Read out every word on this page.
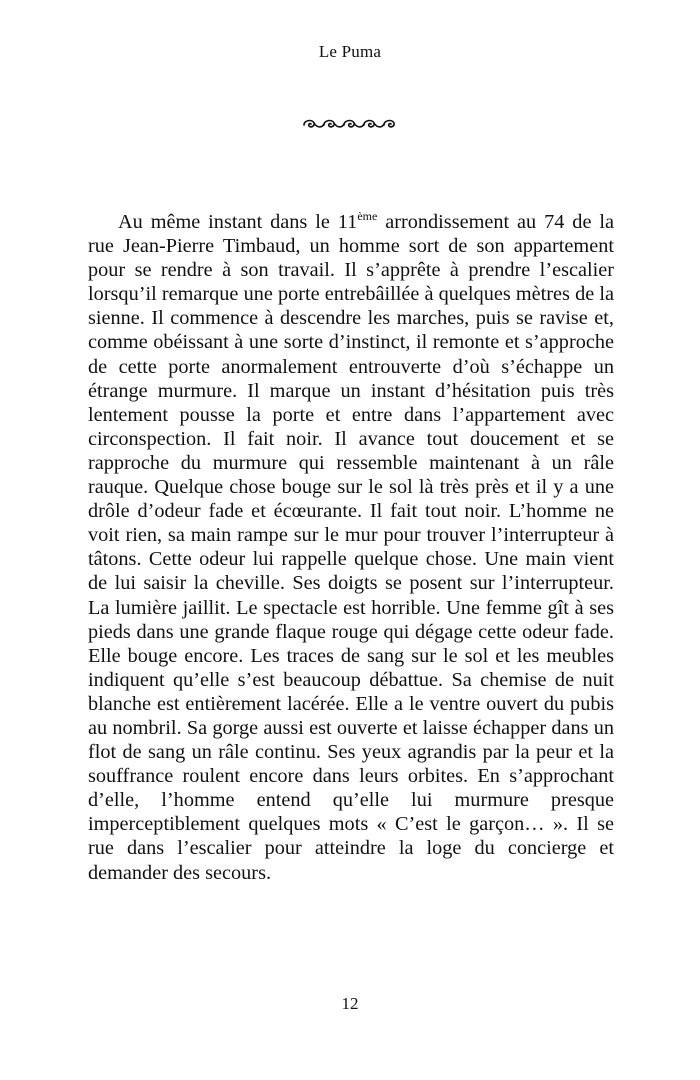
Le Puma

Au même instant dans le 11ème arrondissement au 74 de la rue Jean-Pierre Timbaud, un homme sort de son appartement pour se rendre à son travail. Il s’apprête à prendre l’escalier lorsqu’il remarque une porte entrebâillée à quelques mètres de la sienne. Il commence à descendre les marches, puis se ravise et, comme obéissant à une sorte d’instinct, il remonte et s’approche de cette porte anormalement entrouverte d’où s’échappe un étrange murmure. Il marque un instant d’hésitation puis très lentement pousse la porte et entre dans l’appartement avec circonspection. Il fait noir. Il avance tout doucement et se rapproche du murmure qui ressemble maintenant à un râle rauque. Quelque chose bouge sur le sol là très près et il y a une drôle d’odeur fade et écœurante. Il fait tout noir. L’homme ne voit rien, sa main rampe sur le mur pour trouver l’interrupteur à tâtons. Cette odeur lui rappelle quelque chose. Une main vient de lui saisir la cheville. Ses doigts se posent sur l’interrupteur. La lumière jaillit. Le spectacle est horrible. Une femme gît à ses pieds dans une grande flaque rouge qui dégage cette odeur fade. Elle bouge encore. Les traces de sang sur le sol et les meubles indiquent qu’elle s’est beaucoup débattue. Sa chemise de nuit blanche est entièrement lacérée. Elle a le ventre ouvert du pubis au nombril. Sa gorge aussi est ouverte et laisse échapper dans un flot de sang un râle continu. Ses yeux agrandis par la peur et la souffrance roulent encore dans leurs orbites. En s’approchant d’elle, l’homme entend qu’elle lui murmure presque imperceptiblement quelques mots « C’est le garçon… ». Il se rue dans l’escalier pour atteindre la loge du concierge et demander des secours.

12
